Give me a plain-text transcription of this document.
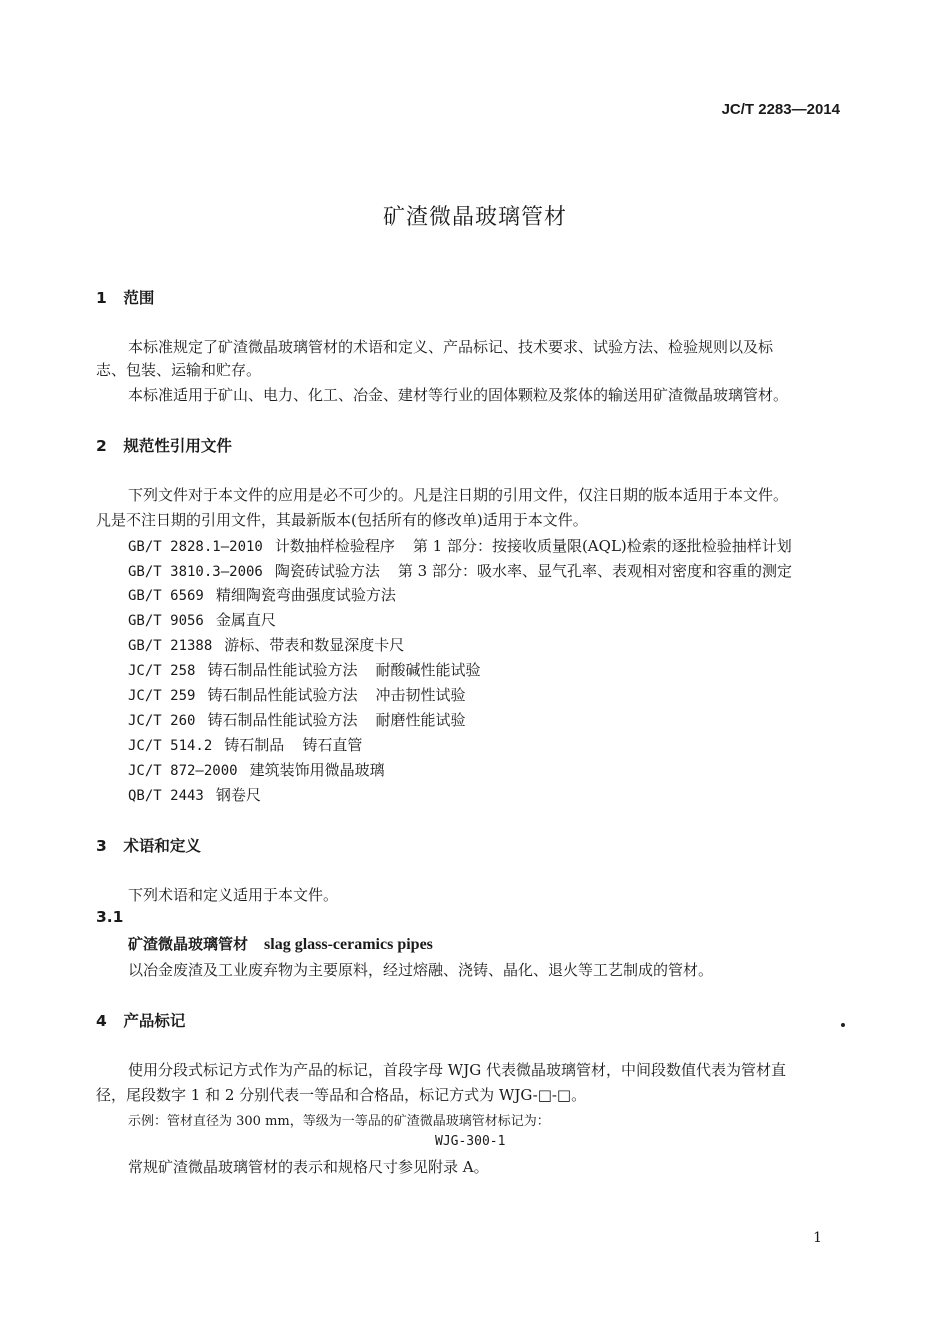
JC/T 2283—2014
矿渣微晶玻璃管材
1 范围
本标准规定了矿渣微晶玻璃管材的术语和定义、产品标记、技术要求、试验方法、检验规则以及标
志、包装、运输和贮存。
本标准适用于矿山、电力、化工、冶金、建材等行业的固体颗粒及浆体的输送用矿渣微晶玻璃管材。
2 规范性引用文件
下列文件对于本文件的应用是必不可少的。凡是注日期的引用文件，仅注日期的版本适用于本文件。
凡是不注日期的引用文件，其最新版本(包括所有的修改单)适用于本文件。
GB/T 2828.1—2010 计数抽样检验程序 第 1 部分：按接收质量限(AQL)检索的逐批检验抽样计划
GB/T 3810.3—2006 陶瓷砖试验方法 第 3 部分：吸水率、显气孔率、表观相对密度和容重的测定
GB/T 6569 精细陶瓷弯曲强度试验方法
GB/T 9056 金属直尺
GB/T 21388 游标、带表和数显深度卡尺
JC/T 258 铸石制品性能试验方法 耐酸碱性能试验
JC/T 259 铸石制品性能试验方法 冲击韧性试验
JC/T 260 铸石制品性能试验方法 耐磨性能试验
JC/T 514.2 铸石制品 铸石直管
JC/T 872—2000 建筑装饰用微晶玻璃
QB/T 2443 钢卷尺
3 术语和定义
下列术语和定义适用于本文件。
3.1
矿渣微晶玻璃管材 slag glass-ceramics pipes
以冶金废渣及工业废弃物为主要原料，经过熔融、浇铸、晶化、退火等工艺制成的管材。
4 产品标记
使用分段式标记方式作为产品的标记，首段字母 WJG 代表微晶玻璃管材，中间段数值代表为管材直
径，尾段数字 1 和 2 分别代表一等品和合格品，标记方式为 WJG-□-□。
示例：管材直径为 300 mm，等级为一等品的矿渣微晶玻璃管材标记为：
WJG-300-1
常规矿渣微晶玻璃管材的表示和规格尺寸参见附录 A。
1
